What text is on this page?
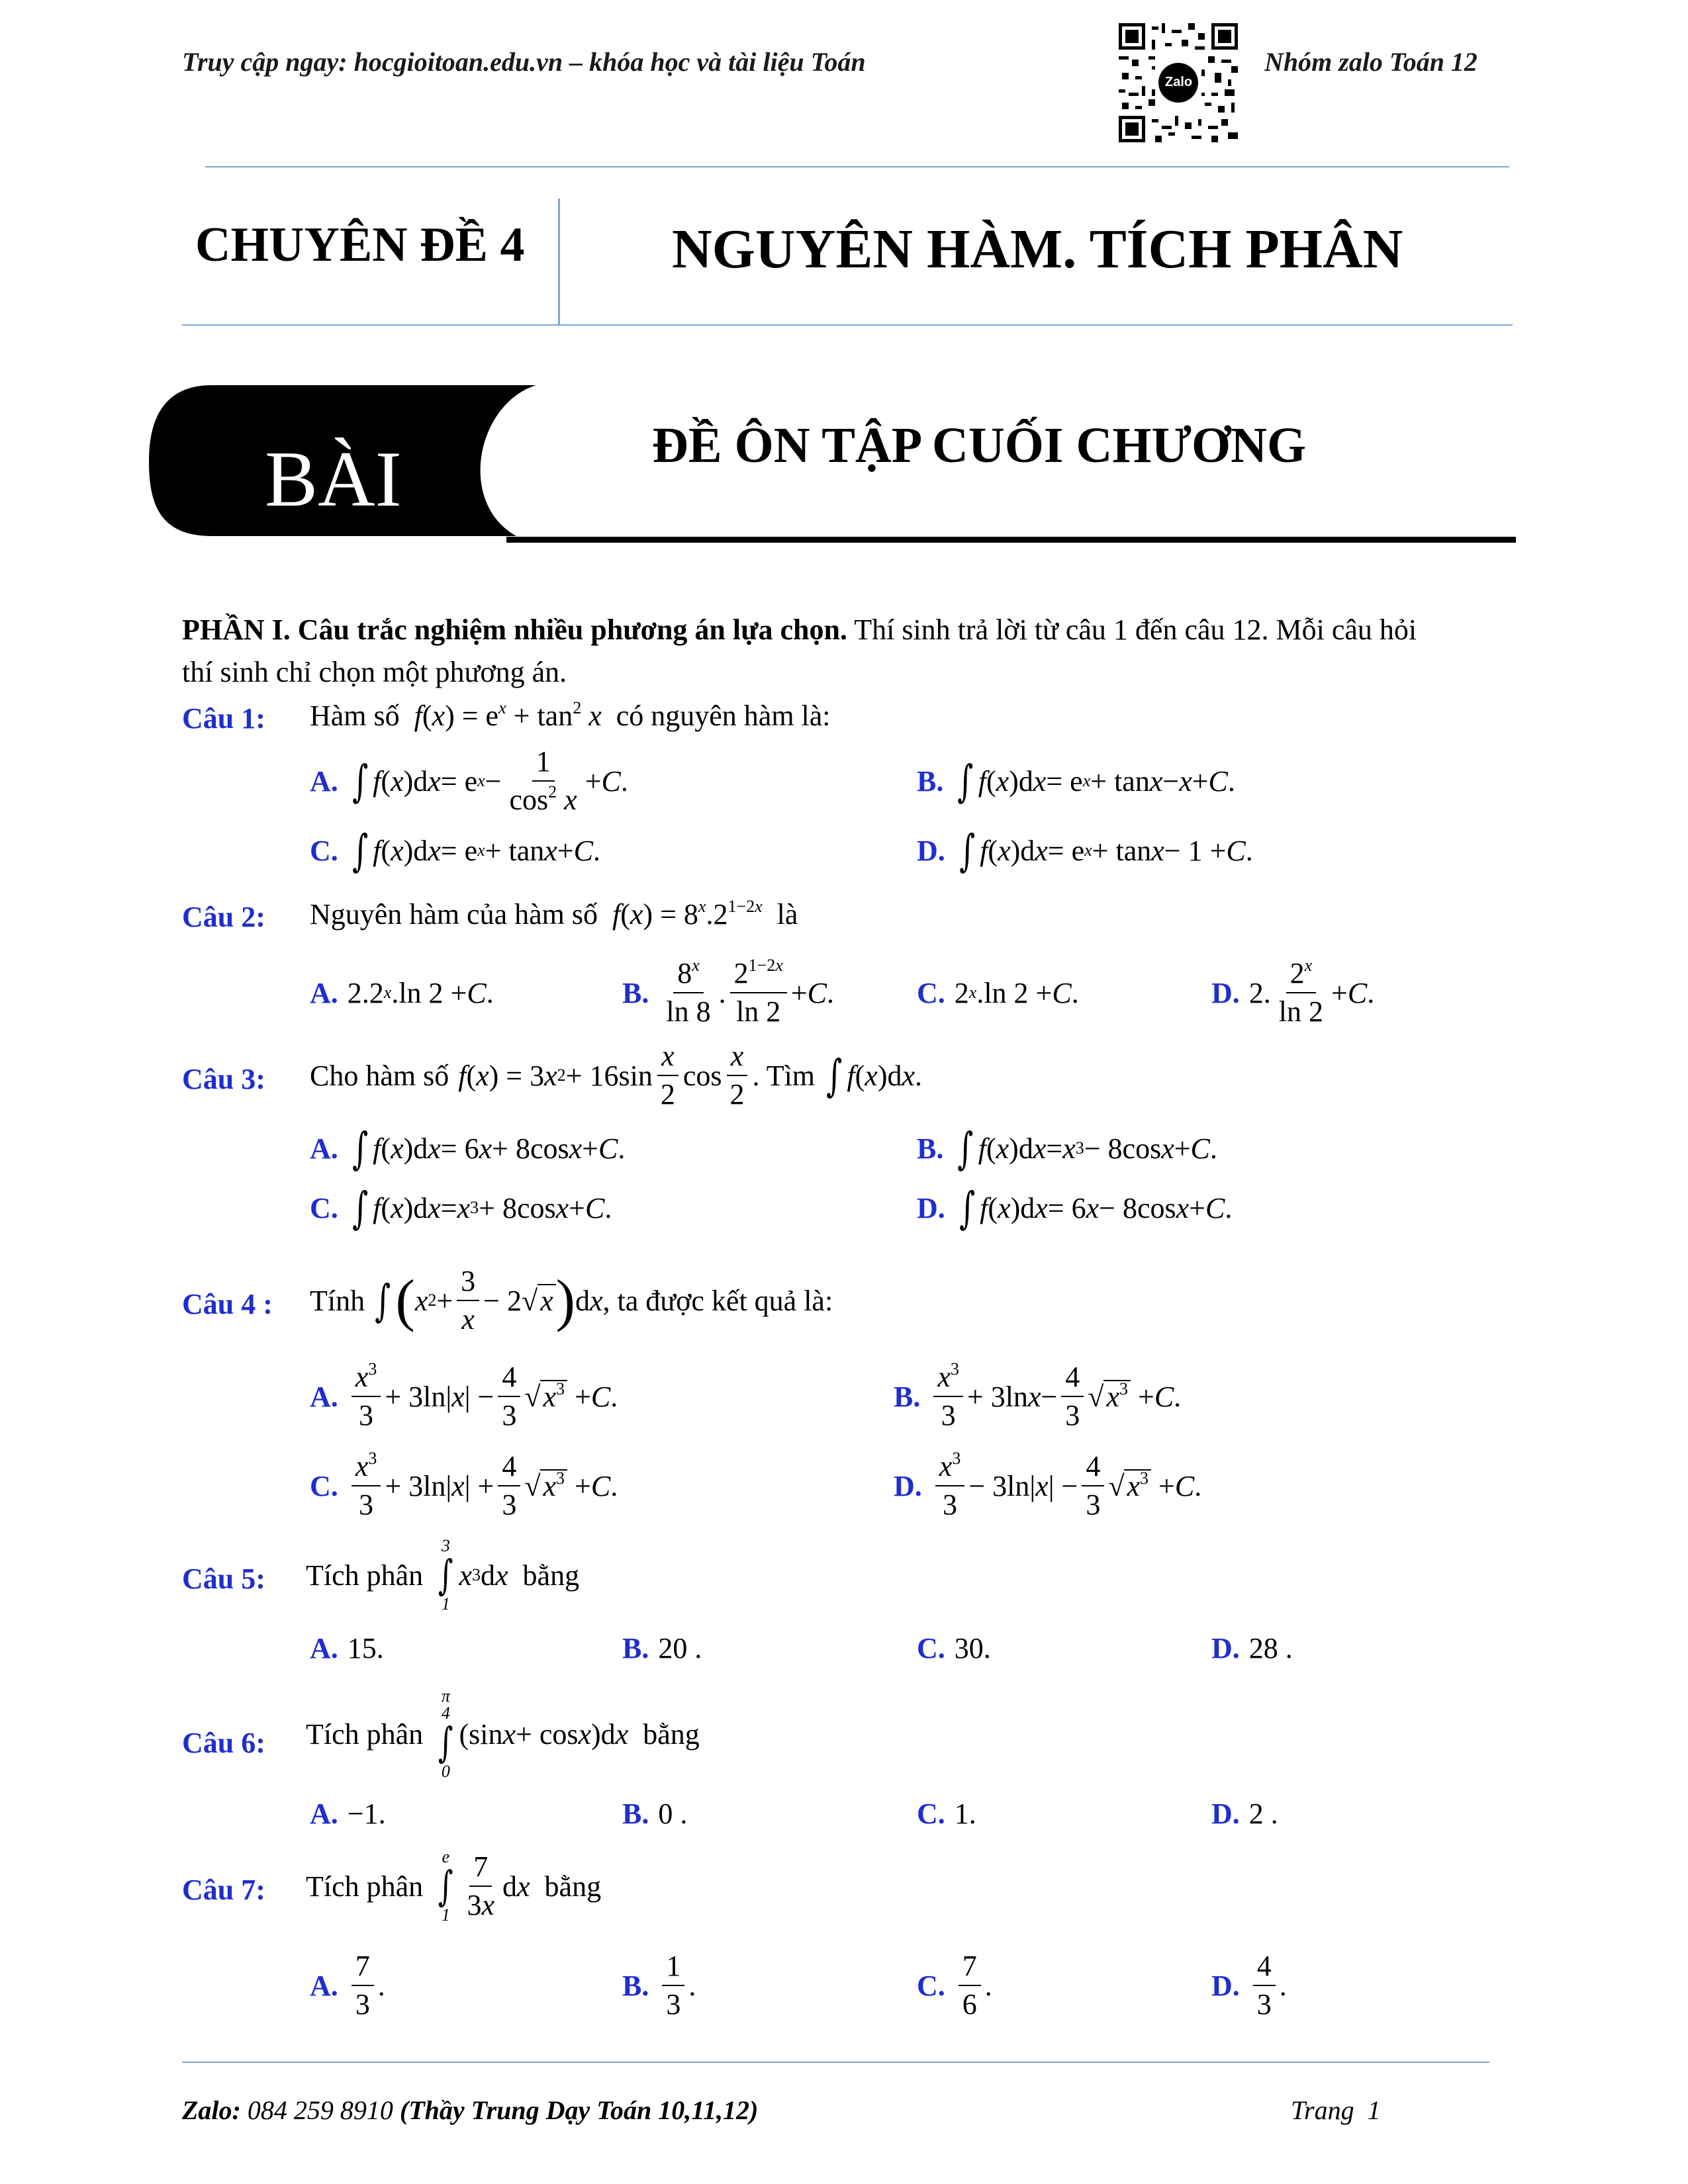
Truy cập ngay: hocgioitoan.edu.vn – khóa học và tài liệu Toán
Zalo
Nhóm zalo Toán 12
CHUYÊN ĐỀ 4	NGUYÊN HÀM. TÍCH PHÂN
BÀI	ĐỀ ÔN TẬP CUỐI CHƯƠNG
PHẦN I. Câu trắc nghiệm nhiều phương án lựa chọn. Thí sinh trả lời từ câu 1 đến câu 12. Mỗi câu hỏi
thí sinh chỉ chọn một phương án.
Câu 1: Hàm số $f(x) = e^x + \tan^2 x$ có nguyên hàm là:
A. ∫ f ( x )d x = e $x - \frac{1}{\cos^2 x} + C$ .	B. ∫ f ( x )d x = e x + tan x − x + C .
C. ∫ f ( x )d x = e x + tan x + C .	D. ∫ f ( x )d x = e x + tan x − 1 + C .
Câu 2: Nguyên hàm của hàm số $f(x) = 8^x.2^{1-2x}$ là
A. 2.2 x .ln 2 + C .	B. $\frac{8^x}{\ln 8}$ . $\frac{2^{1-2x}}{\ln 2} + C$ .	C. 2 x .ln 2 + C .	D. 2. $\frac{2^x}{\ln 2} + C$ .
Câu 3: Cho hàm số f ( x ) = 3 x $2 + 16\sin \frac{x}{2}$ $\cos \frac{x}{2}$ . Tìm ∫ f ( x )d x .
A. ∫ f ( x )d x = 6 x + 8cos x + C .	B. ∫ f ( x )d x = x 3 − 8cos x + C .
C. ∫ f ( x )d x = x 3 + 8cos x + C .	D. ∫ f ( x )d x = 6 x − 8cos x + C .
Câu 4 : Tính ∫ ( x $2 + \frac{3}{x} - 2√$ x ) d x , ta được kết quả là:
A. $\frac{x^3}{3} + 3\ln|$ x | − $\frac{4}{3}$ √ $x^3 + C$ .	B. $\frac{x^3}{3} + 3\ln$ $x - \frac{4}{3}$ √ $x^3 + C$ .
C. $\frac{x^3}{3} + 3\ln|$ x | + $\frac{4}{3}$ √ $x^3 + C$ .	D. $\frac{x^3}{3} - 3\ln|$ x | − $\frac{4}{3}$ √ $x^3 + C$ .
Câu 5: Tích phân
3
∫
1
x 3 d x
bằng
A. 15 .	B. 20 .	C. 30 .	D. 28 .
Câu 6: Tích phân
π
4
∫
0
(sin x + cos x )d x
bằng
A. −1 .	B. 0 .	C. 1 .	D. 2 .
Câu 7: Tích phân
e
∫
$1 \frac{7}{3x}$ d x
bằng
A. $\frac{7}{3}$ .	B. $\frac{1}{3}$ .	C. $\frac{7}{6}$ .	D. $\frac{4}{3}$ .
Zalo: 084 259 8910 (Thầy Trung Dạy Toán 10,11,12)	Trang 1
